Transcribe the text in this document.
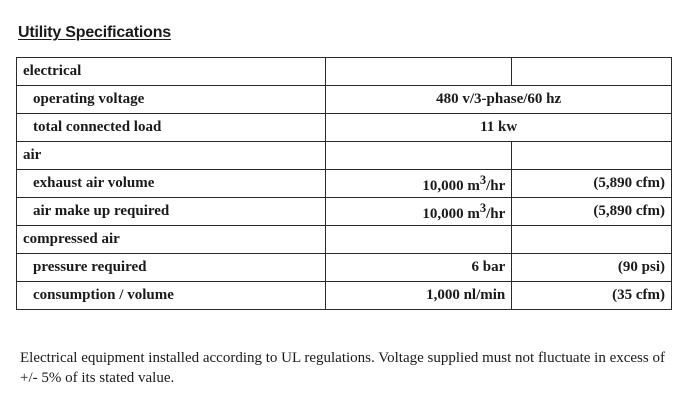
Utility Specifications
electrical		
operating voltage	480 v/3-phase/60 hz	
total connected load	11 kw	
air		
exhaust air volume	10,000 $m^3/hr$	(5,890 cfm)
air make up required	10,000 $m^3/hr$	(5,890 cfm)
compressed air		
pressure required	6 bar	(90 psi)
consumption / volume	1,000 nl/min	(35 cfm)

Electrical equipment installed according to UL regulations. Voltage supplied must not fluctuate in excess of +/- 5% of its stated value.
